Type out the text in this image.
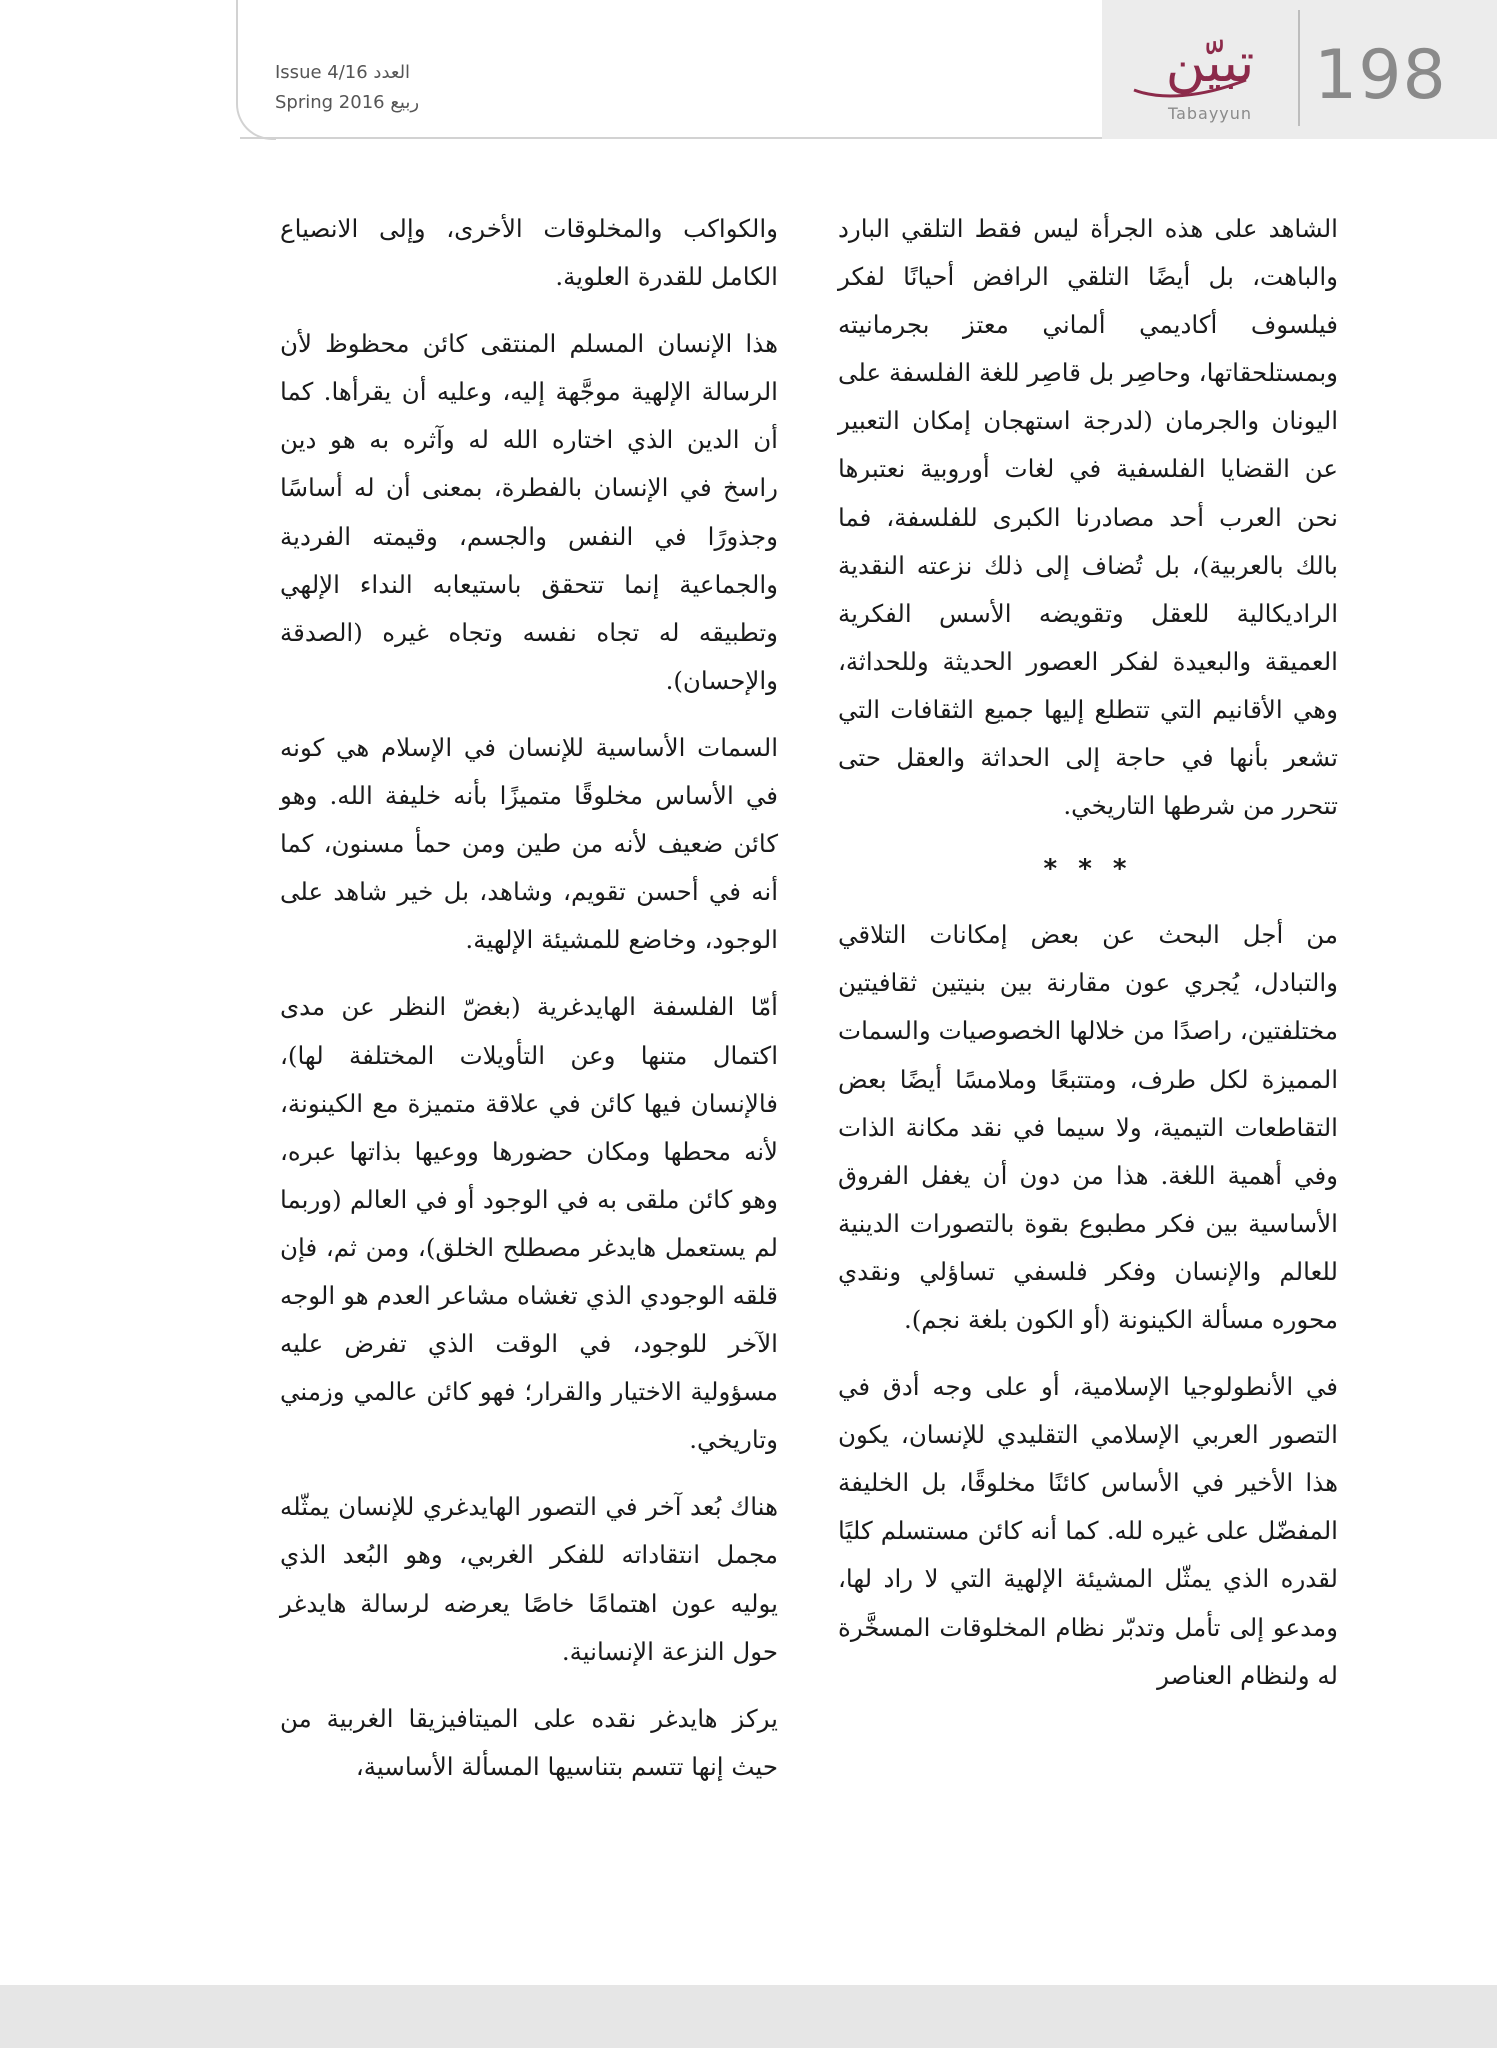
198
تبيّن
Tabayyun
Issue 4/16 العدد
Spring 2016 ربيع

الشاهد على هذه الجرأة ليس فقط التلقي البارد والباهت، بل أيضًا التلقي الرافض أحيانًا لفكر فيلسوف أكاديمي ألماني معتز بجرمانيته وبمستلحقاتها، وحاصِر بل قاصِر للغة الفلسفة على اليونان والجرمان (لدرجة استهجان إمكان التعبير عن القضايا الفلسفية في لغات أوروبية نعتبرها نحن العرب أحد مصادرنا الكبرى للفلسفة، فما بالك بالعربية)، بل تُضاف إلى ذلك نزعته النقدية الراديكالية للعقل وتقويضه الأسس الفكرية العميقة والبعيدة لفكر العصور الحديثة وللحداثة، وهي الأقانيم التي تتطلع إليها جميع الثقافات التي تشعر بأنها في حاجة إلى الحداثة والعقل حتى تتحرر من شرطها التاريخي.

* * *

من أجل البحث عن بعض إمكانات التلاقي والتبادل، يُجري عون مقارنة بين بنيتين ثقافيتين مختلفتين، راصدًا من خلالها الخصوصيات والسمات المميزة لكل طرف، ومتتبعًا وملامسًا أيضًا بعض التقاطعات التيمية، ولا سيما في نقد مكانة الذات وفي أهمية اللغة. هذا من دون أن يغفل الفروق الأساسية بين فكر مطبوع بقوة بالتصورات الدينية للعالم والإنسان وفكر فلسفي تساؤلي ونقدي محوره مسألة الكينونة (أو الكون بلغة نجم).

في الأنطولوجيا الإسلامية، أو على وجه أدق في التصور العربي الإسلامي التقليدي للإنسان، يكون هذا الأخير في الأساس كائنًا مخلوقًا، بل الخليفة المفضّل على غيره لله. كما أنه كائن مستسلم كليًا لقدره الذي يمثّل المشيئة الإلهية التي لا راد لها، ومدعو إلى تأمل وتدبّر نظام المخلوقات المسخَّرة له ولنظام العناصر

والكواكب والمخلوقات الأخرى، وإلى الانصياع الكامل للقدرة العلوية.

هذا الإنسان المسلم المنتقى كائن محظوظ لأن الرسالة الإلهية موجَّهة إليه، وعليه أن يقرأها. كما أن الدين الذي اختاره الله له وآثره به هو دين راسخ في الإنسان بالفطرة، بمعنى أن له أساسًا وجذورًا في النفس والجسم، وقيمته الفردية والجماعية إنما تتحقق باستيعابه النداء الإلهي وتطبيقه له تجاه نفسه وتجاه غيره (الصدقة والإحسان).

السمات الأساسية للإنسان في الإسلام هي كونه في الأساس مخلوقًا متميزًا بأنه خليفة الله. وهو كائن ضعيف لأنه من طين ومن حمأ مسنون، كما أنه في أحسن تقويم، وشاهد، بل خير شاهد على الوجود، وخاضع للمشيئة الإلهية.

أمّا الفلسفة الهايدغرية (بغضّ النظر عن مدى اكتمال متنها وعن التأويلات المختلفة لها)، فالإنسان فيها كائن في علاقة متميزة مع الكينونة، لأنه محطها ومكان حضورها ووعيها بذاتها عبره، وهو كائن ملقى به في الوجود أو في العالم (وربما لم يستعمل هايدغر مصطلح الخلق)، ومن ثم، فإن قلقه الوجودي الذي تغشاه مشاعر العدم هو الوجه الآخر للوجود، في الوقت الذي تفرض عليه مسؤولية الاختيار والقرار؛ فهو كائن عالمي وزمني وتاريخي.

هناك بُعد آخر في التصور الهايدغري للإنسان يمثّله مجمل انتقاداته للفكر الغربي، وهو البُعد الذي يوليه عون اهتمامًا خاصًا يعرضه لرسالة هايدغر حول النزعة الإنسانية.

يركز هايدغر نقده على الميتافيزيقا الغربية من حيث إنها تتسم بتناسيها المسألة الأساسية،
